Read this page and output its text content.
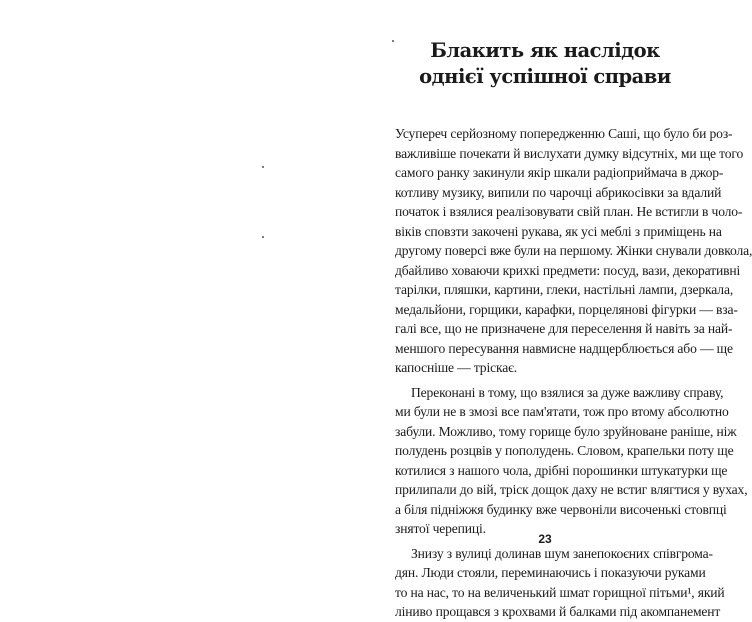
Блакить як наслідок
однієї успішної справи
Усупереч серйозному попередженню Саші, що було би роз-
важливіше почекати й вислухати думку відсутніх, ми ще того
самого ранку закинули якір шкали радіоприймача в джор-
котливу музику, випили по чарочці абрикосівки за вдалий
початок і взялися реалізовувати свій план. Не встигли в чоло-
віків сповзти закочені рукава, як усі меблі з приміщень на
другому поверсі вже були на першому. Жінки снували довкола,
дбайливо ховаючи крихкі предмети: посуд, вази, декоративні
тарілки, пляшки, картини, глеки, настільні лампи, дзеркала,
медальйони, горщики, карафки, порцелянові фігурки — вза-
галі все, що не призначене для переселення й навіть за най-
меншого пересування навмисне надщерблюється або — ще
капосніше — тріскає.
Переконані в тому, що взялися за дуже важливу справу,
ми були не в змозі все пам'ятати, тож про втому абсолютно
забули. Можливо, тому горище було зруйноване раніше, ніж
полудень розцвів у пополудень. Словом, крапельки поту ще
котилися з нашого чола, дрібні порошинки штукатурки ще
прилипали до вій, тріск дощок даху не встиг влягтися у вухах,
а біля підніжжя будинку вже червоніли височенькі стовпці
знятої черепиці.
Знизу з вулиці долинав шум занепокоєних співгрома-
дян. Люди стояли, переминаючись і показуючи руками
то на нас, то на величенький шмат горищної пітьми¹, який
ліниво прощався з крохвами й балками під акомпанемент
23
